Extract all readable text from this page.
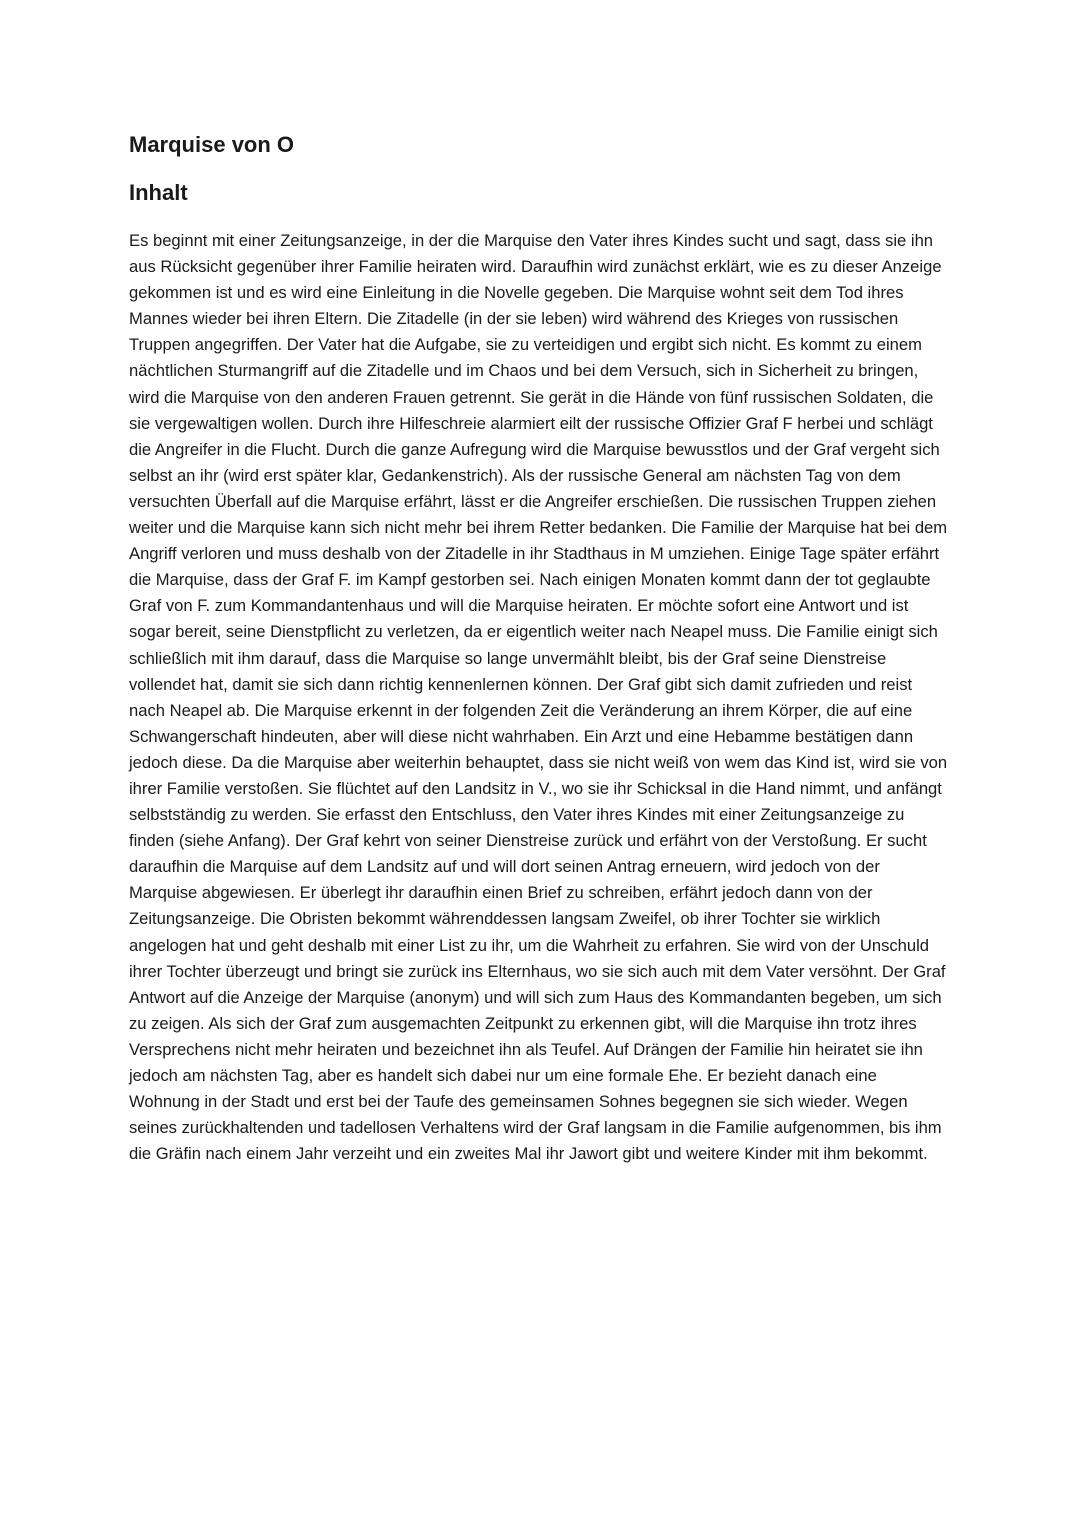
Marquise von O
Inhalt

Es beginnt mit einer Zeitungsanzeige, in der die Marquise den Vater ihres Kindes sucht und sagt, dass sie ihn aus Rücksicht gegenüber ihrer Familie heiraten wird. Daraufhin wird zunächst erklärt, wie es zu dieser Anzeige gekommen ist und es wird eine Einleitung in die Novelle gegeben. Die Marquise wohnt seit dem Tod ihres Mannes wieder bei ihren Eltern. Die Zitadelle (in der sie leben) wird während des Krieges von russischen Truppen angegriffen. Der Vater hat die Aufgabe, sie zu verteidigen und ergibt sich nicht. Es kommt zu einem nächtlichen Sturmangriff auf die Zitadelle und im Chaos und bei dem Versuch, sich in Sicherheit zu bringen, wird die Marquise von den anderen Frauen getrennt. Sie gerät in die Hände von fünf russischen Soldaten, die sie vergewaltigen wollen. Durch ihre Hilfeschreie alarmiert eilt der russische Offizier Graf F herbei und schlägt die Angreifer in die Flucht. Durch die ganze Aufregung wird die Marquise bewusstlos und der Graf vergeht sich selbst an ihr (wird erst später klar, Gedankenstrich). Als der russische General am nächsten Tag von dem versuchten Überfall auf die Marquise erfährt, lässt er die Angreifer erschießen. Die russischen Truppen ziehen weiter und die Marquise kann sich nicht mehr bei ihrem Retter bedanken. Die Familie der Marquise hat bei dem Angriff verloren und muss deshalb von der Zitadelle in ihr Stadthaus in M umziehen. Einige Tage später erfährt die Marquise, dass der Graf F. im Kampf gestorben sei. Nach einigen Monaten kommt dann der tot geglaubte Graf von F. zum Kommandantenhaus und will die Marquise heiraten. Er möchte sofort eine Antwort und ist sogar bereit, seine Dienstpflicht zu verletzen, da er eigentlich weiter nach Neapel muss. Die Familie einigt sich schließlich mit ihm darauf, dass die Marquise so lange unvermählt bleibt, bis der Graf seine Dienstreise vollendet hat, damit sie sich dann richtig kennenlernen können. Der Graf gibt sich damit zufrieden und reist nach Neapel ab. Die Marquise erkennt in der folgenden Zeit die Veränderung an ihrem Körper, die auf eine Schwangerschaft hindeuten, aber will diese nicht wahrhaben. Ein Arzt und eine Hebamme bestätigen dann jedoch diese. Da die Marquise aber weiterhin behauptet, dass sie nicht weiß von wem das Kind ist, wird sie von ihrer Familie verstoßen. Sie flüchtet auf den Landsitz in V., wo sie ihr Schicksal in die Hand nimmt, und anfängt selbstständig zu werden. Sie erfasst den Entschluss, den Vater ihres Kindes mit einer Zeitungsanzeige zu finden (siehe Anfang). Der Graf kehrt von seiner Dienstreise zurück und erfährt von der Verstoßung. Er sucht daraufhin die Marquise auf dem Landsitz auf und will dort seinen Antrag erneuern, wird jedoch von der Marquise abgewiesen. Er überlegt ihr daraufhin einen Brief zu schreiben, erfährt jedoch dann von der Zeitungsanzeige. Die Obristen bekommt währenddessen langsam Zweifel, ob ihrer Tochter sie wirklich angelogen hat und geht deshalb mit einer List zu ihr, um die Wahrheit zu erfahren. Sie wird von der Unschuld ihrer Tochter überzeugt und bringt sie zurück ins Elternhaus, wo sie sich auch mit dem Vater versöhnt. Der Graf Antwort auf die Anzeige der Marquise (anonym) und will sich zum Haus des Kommandanten begeben, um sich zu zeigen. Als sich der Graf zum ausgemachten Zeitpunkt zu erkennen gibt, will die Marquise ihn trotz ihres Versprechens nicht mehr heiraten und bezeichnet ihn als Teufel. Auf Drängen der Familie hin heiratet sie ihn jedoch am nächsten Tag, aber es handelt sich dabei nur um eine formale Ehe. Er bezieht danach eine Wohnung in der Stadt und erst bei der Taufe des gemeinsamen Sohnes begegnen sie sich wieder. Wegen seines zurückhaltenden und tadellosen Verhaltens wird der Graf langsam in die Familie aufgenommen, bis ihm die Gräfin nach einem Jahr verzeiht und ein zweites Mal ihr Jawort gibt und weitere Kinder mit ihm bekommt.
